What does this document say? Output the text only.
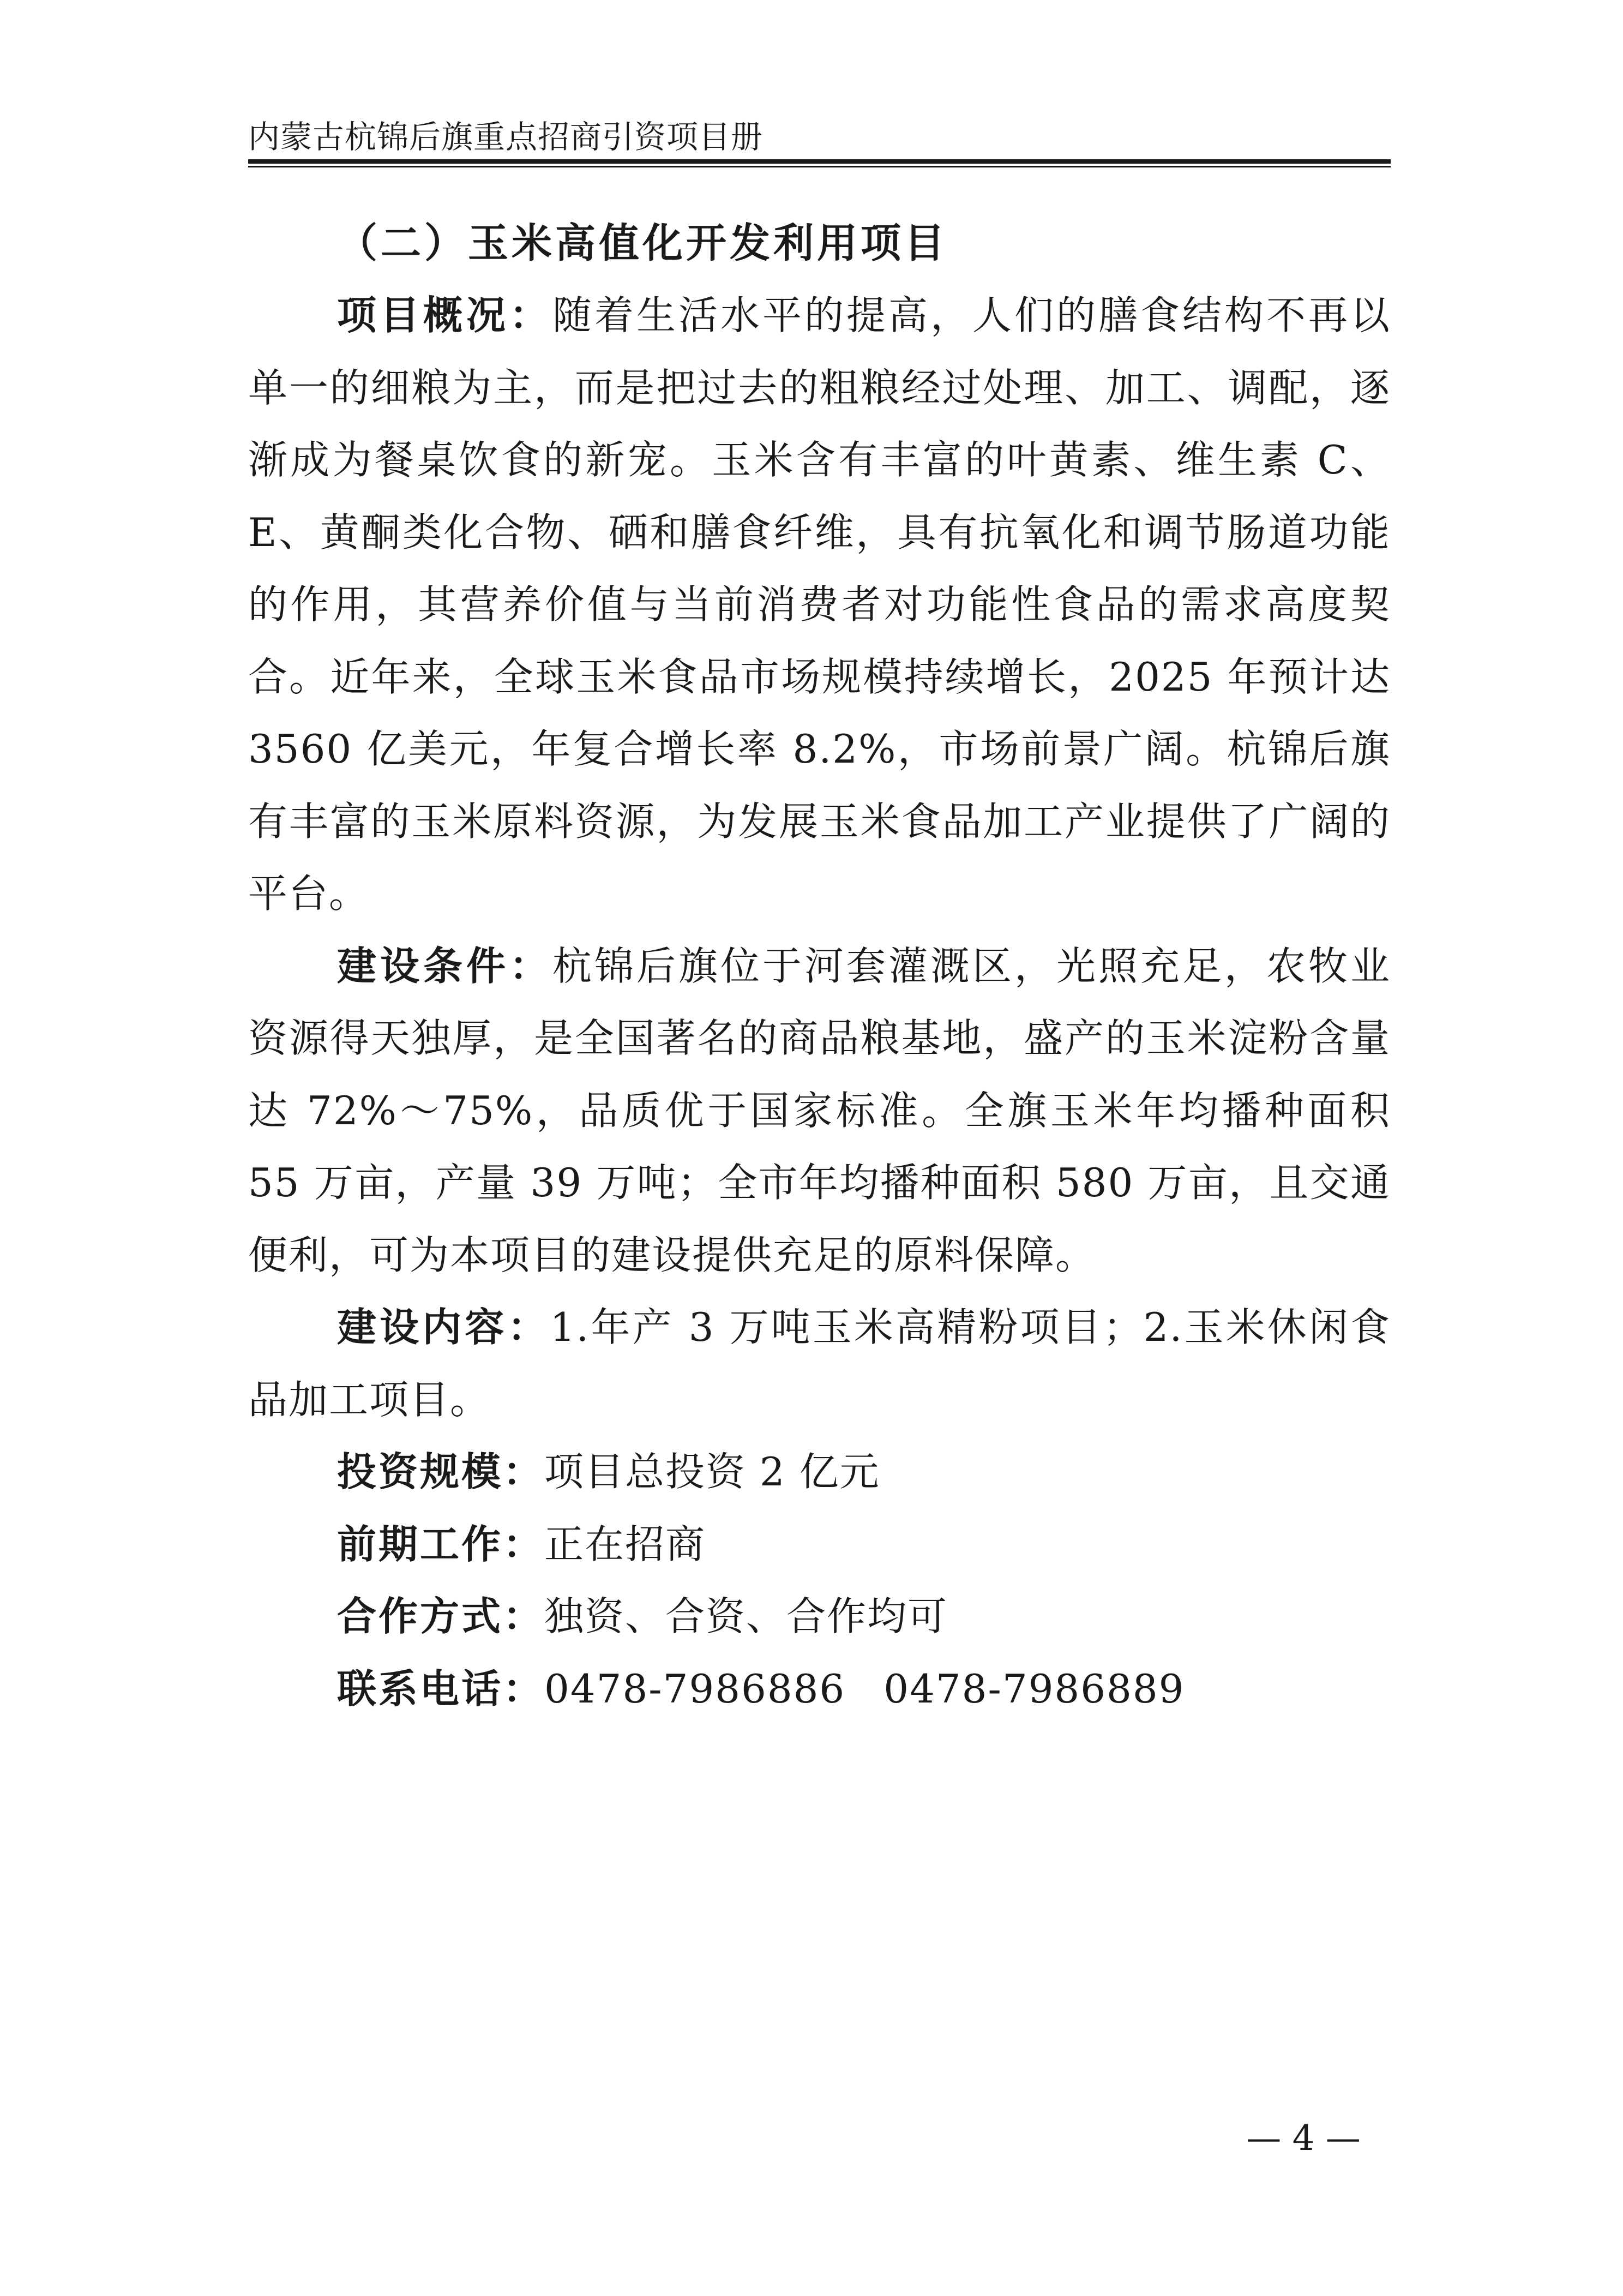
内蒙古杭锦后旗重点招商引资项目册
（二）玉米高值化开发利用项目

项目概况：随着生活水平的提高，人们的膳食结构不再以单一的细粮为主，而是把过去的粗粮经过处理、加工、调配，逐渐成为餐桌饮食的新宠。玉米含有丰富的叶黄素、维生素 C、E、黄酮类化合物、硒和膳食纤维，具有抗氧化和调节肠道功能的作用，其营养价值与当前消费者对功能性食品的需求高度契合。近年来，全球玉米食品市场规模持续增长，2025 年预计达 3560 亿美元，年复合增长率 8.2%，市场前景广阔。杭锦后旗有丰富的玉米原料资源，为发展玉米食品加工产业提供了广阔的平台。

建设条件：杭锦后旗位于河套灌溉区，光照充足，农牧业资源得天独厚，是全国著名的商品粮基地，盛产的玉米淀粉含量达 72%～75%，品质优于国家标准。全旗玉米年均播种面积 55 万亩，产量 39 万吨；全市年均播种面积 580 万亩，且交通便利，可为本项目的建设提供充足的原料保障。

建设内容：1.年产 3 万吨玉米高精粉项目；2.玉米休闲食品加工项目。

投资规模：项目总投资 2 亿元

前期工作：正在招商

合作方式：独资、合资、合作均可

联系电话：0478-7986886 0478-7986889

— 4 —
